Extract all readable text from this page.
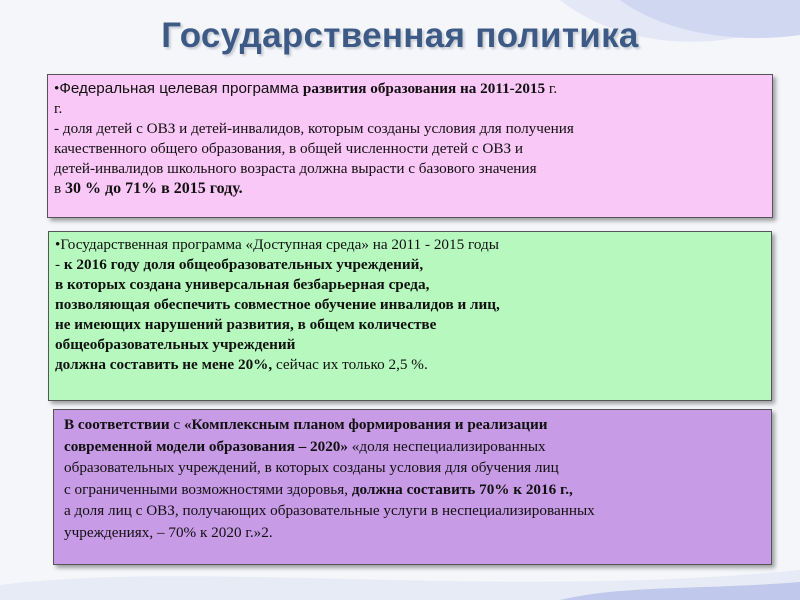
Государственная политика
•Федеральная целевая программа развития образования на 2011-2015 г.
г.
- доля детей с ОВЗ и детей-инвалидов, которым созданы условия для получения
качественного общего образования, в общей численности детей с ОВЗ и
детей-инвалидов школьного возраста должна вырасти с базового значения
в 30 % до 71% в 2015 году.
•Государственная программа «Доступная среда» на 2011 - 2015 годы
- к 2016 году доля общеобразовательных учреждений,
в которых создана универсальная безбарьерная среда,
позволяющая обеспечить совместное обучение инвалидов и лиц,
не имеющих нарушений развития, в общем количестве
общеобразовательных учреждений
должна составить не мене 20%, сейчас их только 2,5 %.
В соответствии с «Комплексным планом формирования и реализации
современной модели образования – 2020» «доля неспециализированных
образовательных учреждений, в которых созданы условия для обучения лиц
с ограниченными возможностями здоровья, должна составить 70% к 2016 г.,
а доля лиц с ОВЗ, получающих образовательные услуги в неспециализированных
учреждениях, – 70% к 2020 г.»2.
